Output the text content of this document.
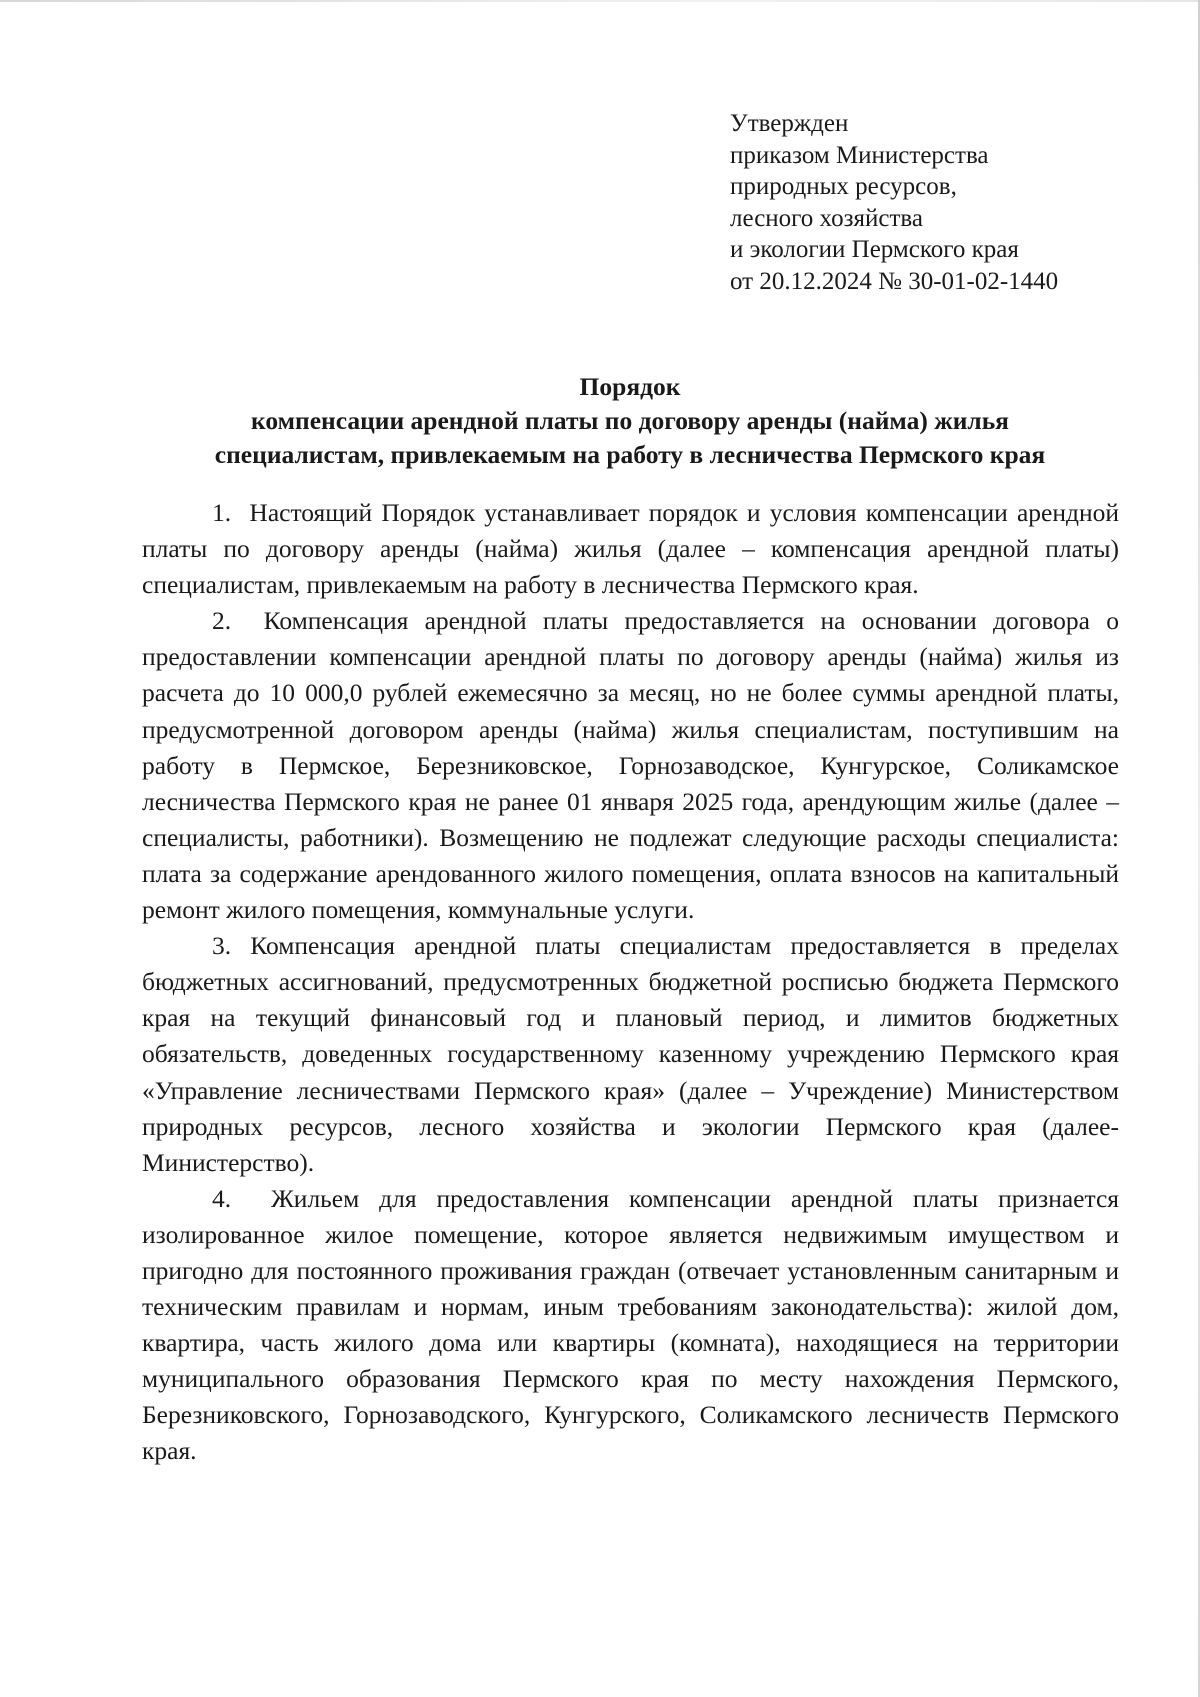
Утвержден
приказом Министерства
природных ресурсов,
лесного хозяйства
и экологии Пермского края
от 20.12.2024 № 30-01-02-1440
Порядок
компенсации арендной платы по договору аренды (найма) жилья
специалистам, привлекаемым на работу в лесничества Пермского края

1. Настоящий Порядок устанавливает порядок и условия компенсации арендной платы по договору аренды (найма) жилья (далее – компенсация арендной платы) специалистам, привлекаемым на работу в лесничества Пермского края.

2. Компенсация арендной платы предоставляется на основании договора о предоставлении компенсации арендной платы по договору аренды (найма) жилья из расчета до 10 000,0 рублей ежемесячно за месяц, но не более суммы арендной платы, предусмотренной договором аренды (найма) жилья специалистам, поступившим на работу в Пермское, Березниковское, Горнозаводское, Кунгурское, Соликамское лесничества Пермского края не ранее 01 января 2025 года, арендующим жилье (далее – специалисты, работники). Возмещению не подлежат следующие расходы специалиста: плата за содержание арендованного жилого помещения, оплата взносов на капитальный ремонт жилого помещения, коммунальные услуги.

3. Компенсация арендной платы специалистам предоставляется в пределах бюджетных ассигнований, предусмотренных бюджетной росписью бюджета Пермского края на текущий финансовый год и плановый период, и лимитов бюджетных обязательств, доведенных государственному казенному учреждению Пермского края «Управление лесничествами Пермского края» (далее – Учреждение) Министерством природных ресурсов, лесного хозяйства и экологии Пермского края (далее-Министерство).

4. Жильем для предоставления компенсации арендной платы признается изолированное жилое помещение, которое является недвижимым имуществом и пригодно для постоянного проживания граждан (отвечает установленным санитарным и техническим правилам и нормам, иным требованиям законодательства): жилой дом, квартира, часть жилого дома или квартиры (комната), находящиеся на территории муниципального образования Пермского края по месту нахождения Пермского, Березниковского, Горнозаводского, Кунгурского, Соликамского лесничеств Пермского края.
